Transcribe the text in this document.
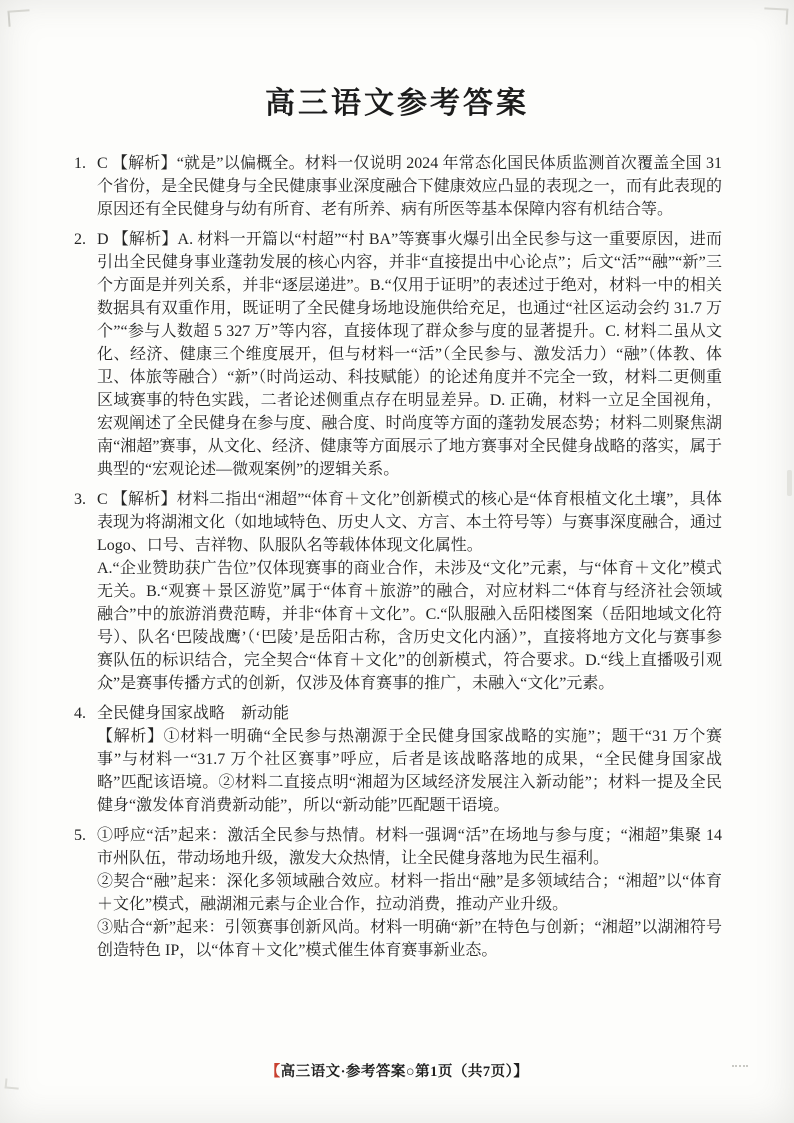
高三语文参考答案
1. C 【解析】“就是”以偏概全。材料一仅说明 2024 年常态化国民体质监测首次覆盖全国 31 个省份，是全民健身与全民健康事业深度融合下健康效应凸显的表现之一，而有此表现的原因还有全民健身与幼有所育、老有所养、病有所医等基本保障内容有机结合等。

2. D 【解析】A. 材料一开篇以“村超”“村 BA”等赛事火爆引出全民参与这一重要原因，进而引出全民健身事业蓬勃发展的核心内容，并非“直接提出中心论点”；后文“活”“融”“新”三个方面是并列关系，并非“逐层递进”。B.“仅用于证明”的表述过于绝对，材料一中的相关数据具有双重作用，既证明了全民健身场地设施供给充足，也通过“社区运动会约 31.7 万个”“参与人数超 5 327 万”等内容，直接体现了群众参与度的显著提升。C. 材料二虽从文化、经济、健康三个维度展开，但与材料一“活”（全民参与、激发活力）“融”（体教、体卫、体旅等融合）“新”（时尚运动、科技赋能）的论述角度并不完全一致，材料二更侧重区域赛事的特色实践，二者论述侧重点存在明显差异。D. 正确，材料一立足全国视角，宏观阐述了全民健身在参与度、融合度、时尚度等方面的蓬勃发展态势；材料二则聚焦湖南“湘超”赛事，从文化、经济、健康等方面展示了地方赛事对全民健身战略的落实，属于典型的“宏观论述—微观案例”的逻辑关系。

3. C 【解析】材料二指出“湘超”“体育＋文化”创新模式的核心是“体育根植文化土壤”，具体表现为将湖湘文化（如地域特色、历史人文、方言、本土符号等）与赛事深度融合，通过 Logo、口号、吉祥物、队服队名等载体体现文化属性。

A.“企业赞助获广告位”仅体现赛事的商业合作，未涉及“文化”元素，与“体育＋文化”模式无关。B.“观赛＋景区游览”属于“体育＋旅游”的融合，对应材料二“体育与经济社会领域融合”中的旅游消费范畴，并非“体育＋文化”。C.“队服融入岳阳楼图案（岳阳地域文化符号）、队名‘巴陵战鹰’（‘巴陵’是岳阳古称，含历史文化内涵）”，直接将地方文化与赛事参赛队伍的标识结合，完全契合“体育＋文化”的创新模式，符合要求。D.“线上直播吸引观众”是赛事传播方式的创新，仅涉及体育赛事的推广，未融入“文化”元素。

4. 全民健身国家战略　新动能

【解析】①材料一明确“全民参与热潮源于全民健身国家战略的实施”；题干“31 万个赛事”与材料一“31.7 万个社区赛事”呼应，后者是该战略落地的成果，“全民健身国家战略”匹配该语境。②材料二直接点明“湘超为区域经济发展注入新动能”；材料一提及全民健身“激发体育消费新动能”，所以“新动能”匹配题干语境。

5. ①呼应“活”起来：激活全民参与热情。材料一强调“活”在场地与参与度；“湘超”集聚 14 市州队伍，带动场地升级，激发大众热情，让全民健身落地为民生福利。

②契合“融”起来：深化多领域融合效应。材料一指出“融”是多领域结合；“湘超”以“体育＋文化”模式，融湖湘元素与企业合作，拉动消费，推动产业升级。

③贴合“新”起来：引领赛事创新风尚。材料一明确“新”在特色与创新；“湘超”以湖湘符号创造特色 IP，以“体育＋文化”模式催生体育赛事新业态。

【高三语文·参考答案○第1页（共7页）】
